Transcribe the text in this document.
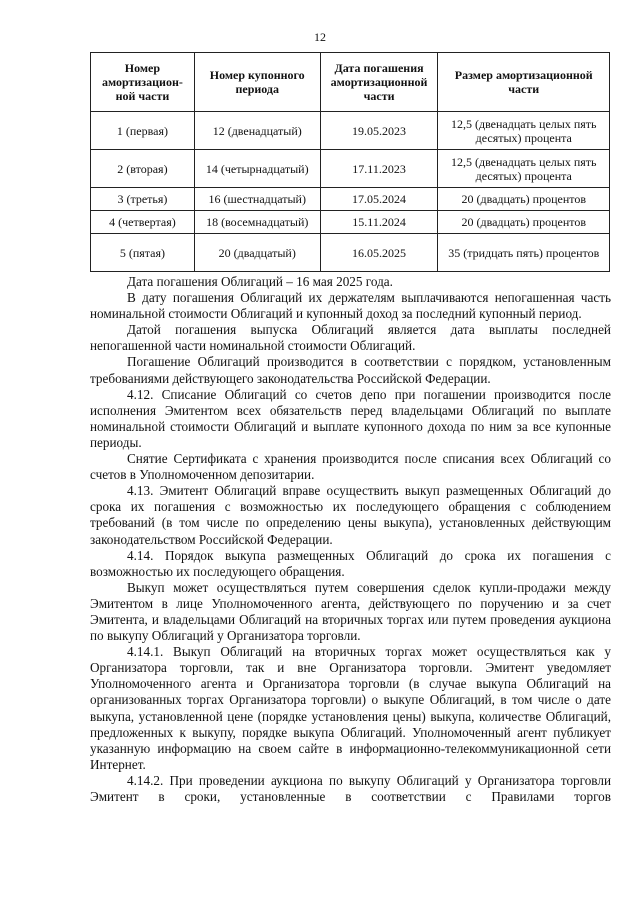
12
Номер амортизацион-ной части	Номер купонного периода	Дата погашения амортизационной части	Размер амортизационной части
1 (первая)	12 (двенадцатый)	19.05.2023	12,5 (двенадцать целых пять десятых) процента
2 (вторая)	14 (четырнадцатый)	17.11.2023	12,5 (двенадцать целых пять десятых) процента
3 (третья)	16 (шестнадцатый)	17.05.2024	20 (двадцать) процентов
4 (четвертая)	18 (восемнадцатый)	15.11.2024	20 (двадцать) процентов
5 (пятая)	20 (двадцатый)	16.05.2025	35 (тридцать пять) процентов

Дата погашения Облигаций – 16 мая 2025 года.

В дату погашения Облигаций их держателям выплачиваются непогашенная часть номинальной стоимости Облигаций и купонный доход за последний купонный период.

Датой погашения выпуска Облигаций является дата выплаты последней непогашенной части номинальной стоимости Облигаций.

Погашение Облигаций производится в соответствии с порядком, установленным требованиями действующего законодательства Российской Федерации.

4.12. Списание Облигаций со счетов депо при погашении производится после исполнения Эмитентом всех обязательств перед владельцами Облигаций по выплате номинальной стоимости Облигаций и выплате купонного дохода по ним за все купонные периоды.

Снятие Сертификата с хранения производится после списания всех Облигаций со счетов в Уполномоченном депозитарии.

4.13. Эмитент Облигаций вправе осуществить выкуп размещенных Облигаций до срока их погашения с возможностью их последующего обращения с соблюдением требований (в том числе по определению цены выкупа), установленных действующим законодательством Российской Федерации.

4.14. Порядок выкупа размещенных Облигаций до срока их погашения с возможностью их последующего обращения.

Выкуп может осуществляться путем совершения сделок купли-продажи между Эмитентом в лице Уполномоченного агента, действующего по поручению и за счет Эмитента, и владельцами Облигаций на вторичных торгах или путем проведения аукциона по выкупу Облигаций у Организатора торговли.

4.14.1. Выкуп Облигаций на вторичных торгах может осуществляться как у Организатора торговли, так и вне Организатора торговли. Эмитент уведомляет Уполномоченного агента и Организатора торговли (в случае выкупа Облигаций на организованных торгах Организатора торговли) о выкупе Облигаций, в том числе о дате выкупа, установленной цене (порядке установления цены) выкупа, количестве Облигаций, предложенных к выкупу, порядке выкупа Облигаций. Уполномоченный агент публикует указанную информацию на своем сайте в информационно-телекоммуникационной сети Интернет.

4.14.2. При проведении аукциона по выкупу Облигаций у Организатора торговли Эмитент в сроки, установленные в соответствии с Правилами торгов
